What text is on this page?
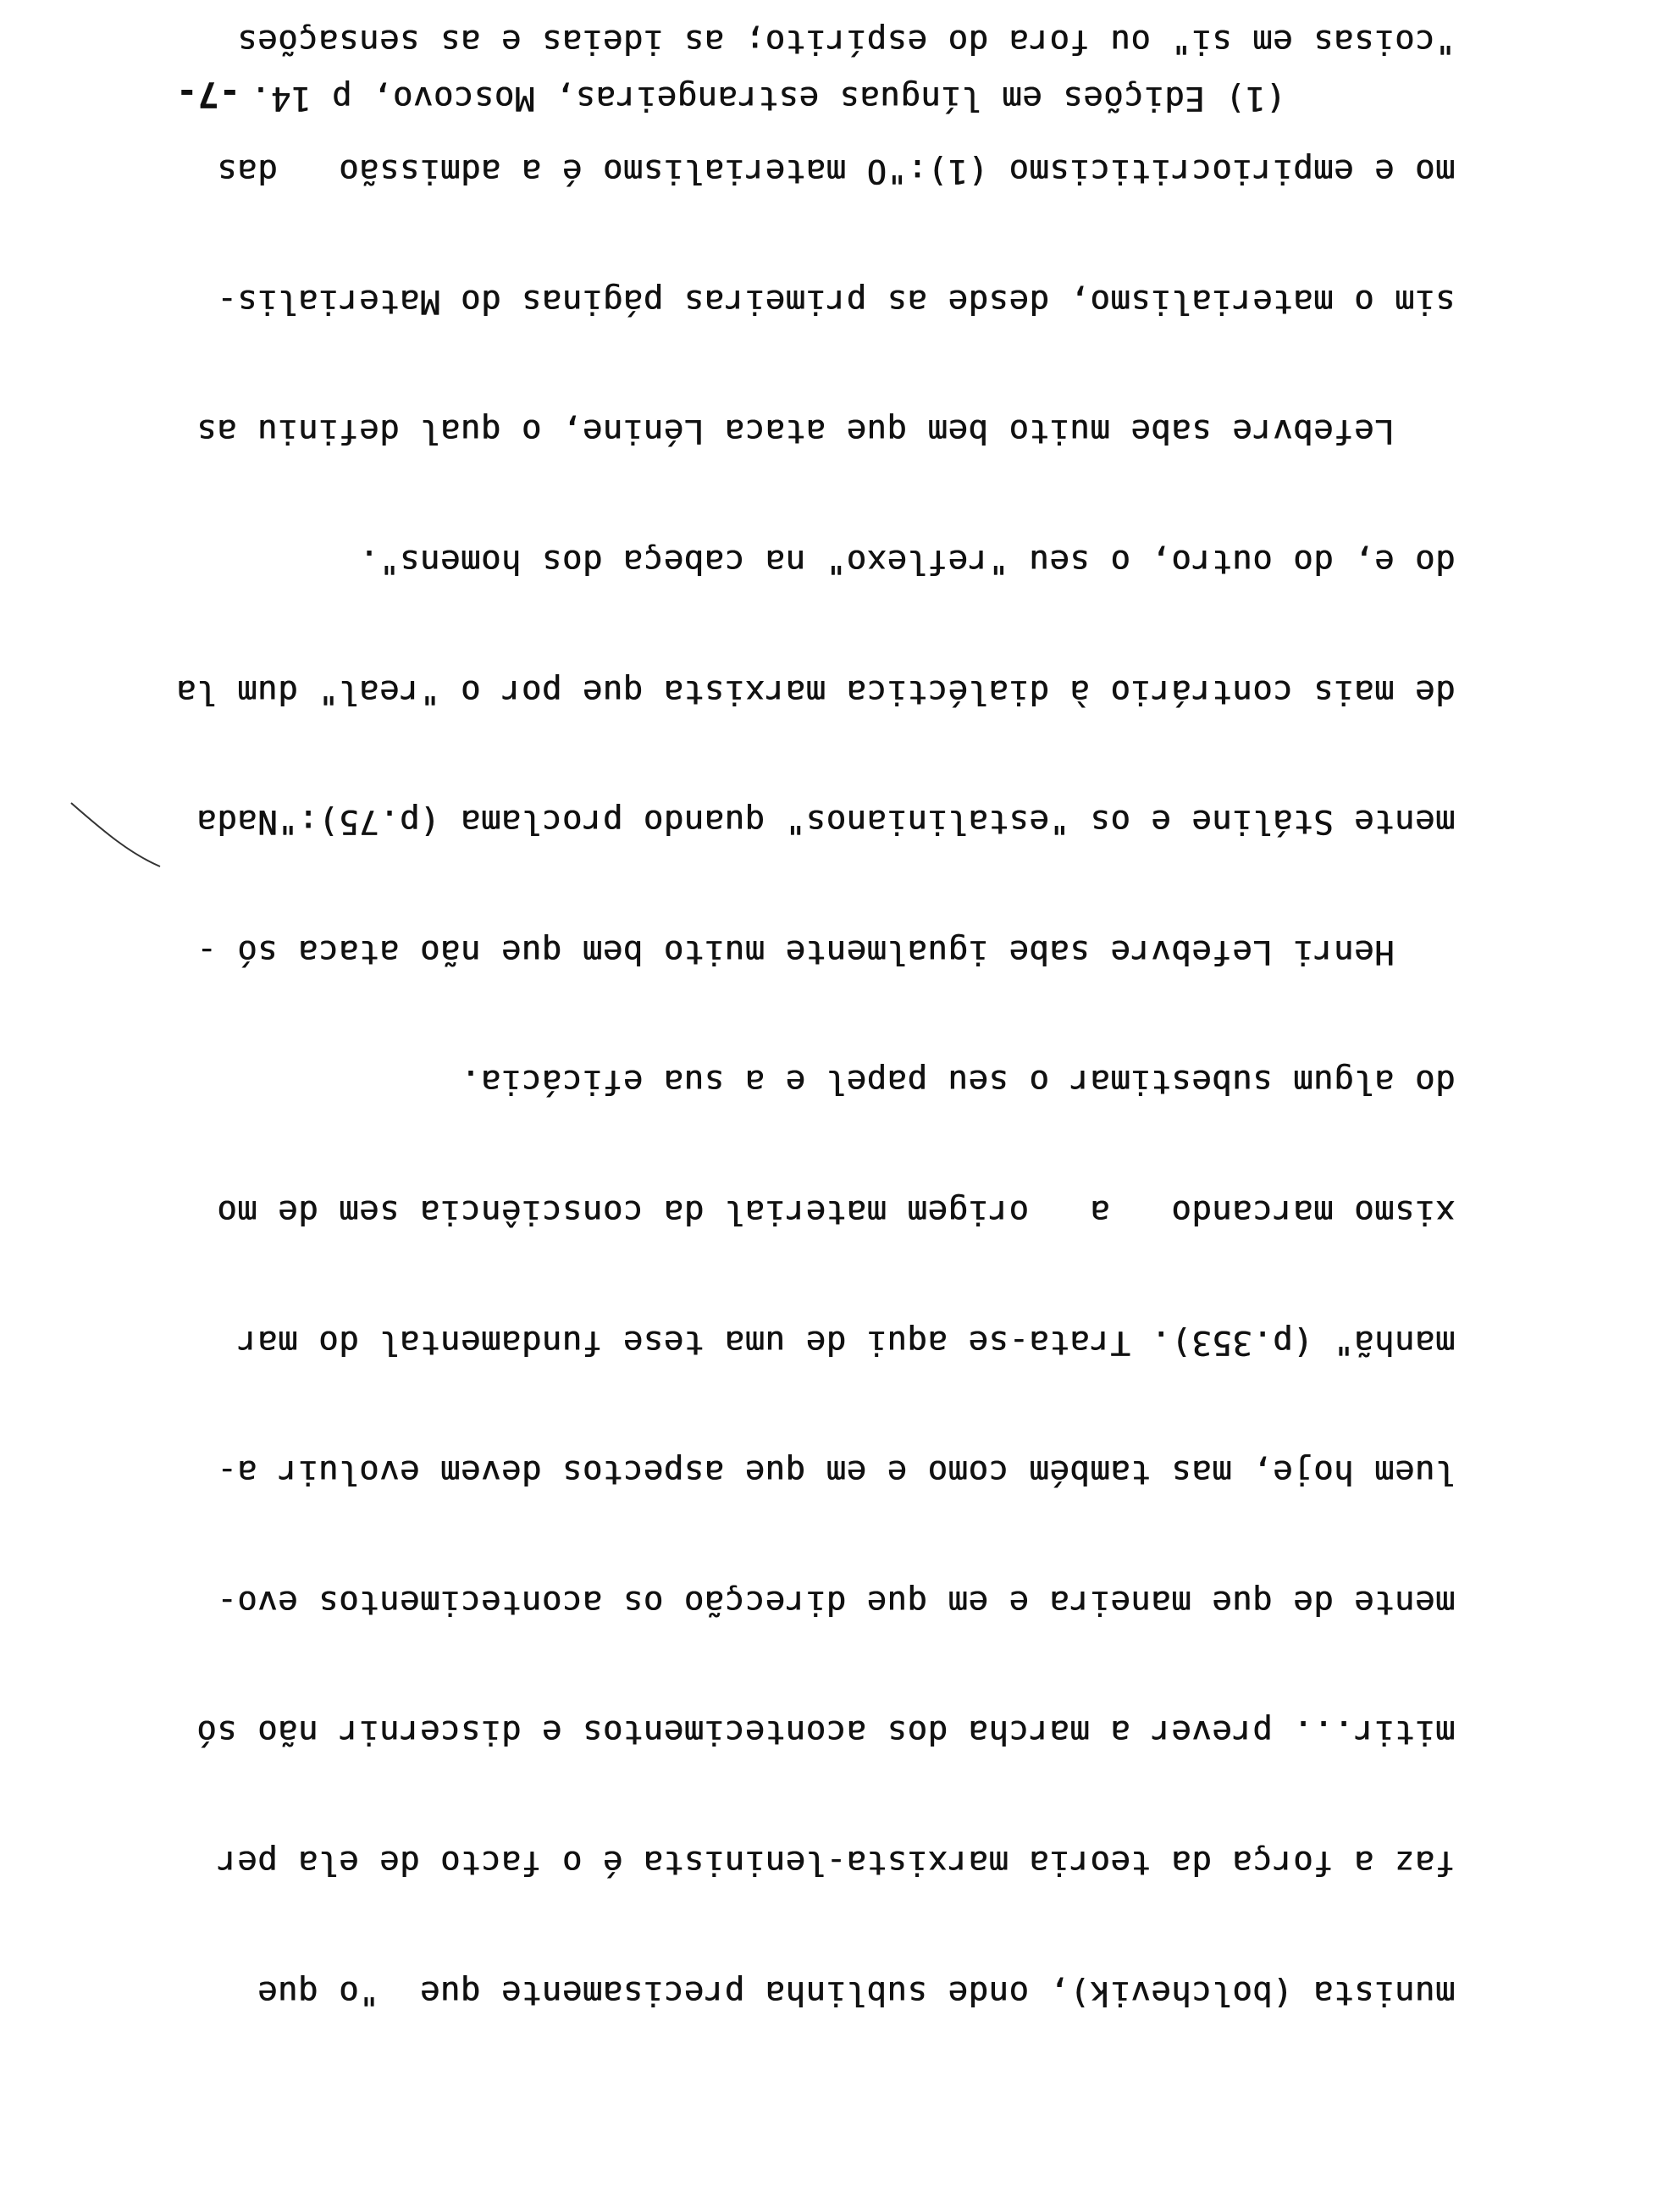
munista (bolchevik), onde sublinha precisamente que  "o que

faz a força da teoria marxista-leninista é o facto de ela per

mitir... prever a marcha dos acontecimentos e discernir não só

mente de que maneira e em que direcção os acontecimentos evo-

luem hoje, mas também como e em que aspectos devem evoluir a-

manhã" (p.353). Trata-se aqui de uma tese fundamental do mar

xismo marcando   a   origem material da consciência sem de mo

do algum subestimar o seu papel e a sua eficácia.

Henri Lefebvre sabe igualmente muito bem que não ataca só -

mente Stáline e os "estalinianos" quando proclama (p.75):"Nada

de mais contrário à dialéctica marxista que por o "real" dum la

do e, do outro, o seu "reflexo" na cabeça dos homens".

Lefebvre sabe muito bem que ataca Lénine, o qual definiu as

sim o materialismo, desde as primeiras páginas do Materialis-

mo e empiriocriticismo (1):"O materialismo é a admissão   das

"coisas em si" ou fora do espírito; as ideias e as sensações

(1) Edições em línguas estrangeiras, Moscovo, p 14.
-7-
